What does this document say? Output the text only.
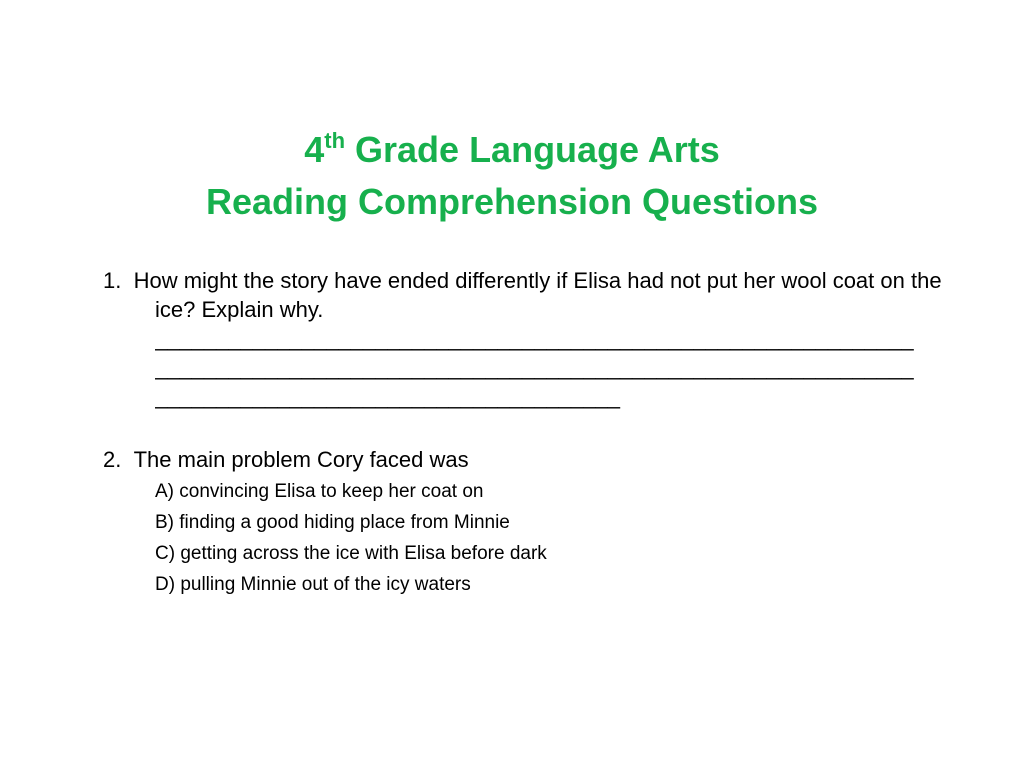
4th Grade Language Arts
Reading Comprehension Questions
1. How might the story have ended differently if Elisa had not put her wool coat on the ice? Explain why.
______________________________________________________________
______________________________________________________________
______________________________________
2. The main problem Cory faced was
A) convincing Elisa to keep her coat on
B) finding a good hiding place from Minnie
C) getting across the ice with Elisa before dark
D) pulling Minnie out of the icy waters
